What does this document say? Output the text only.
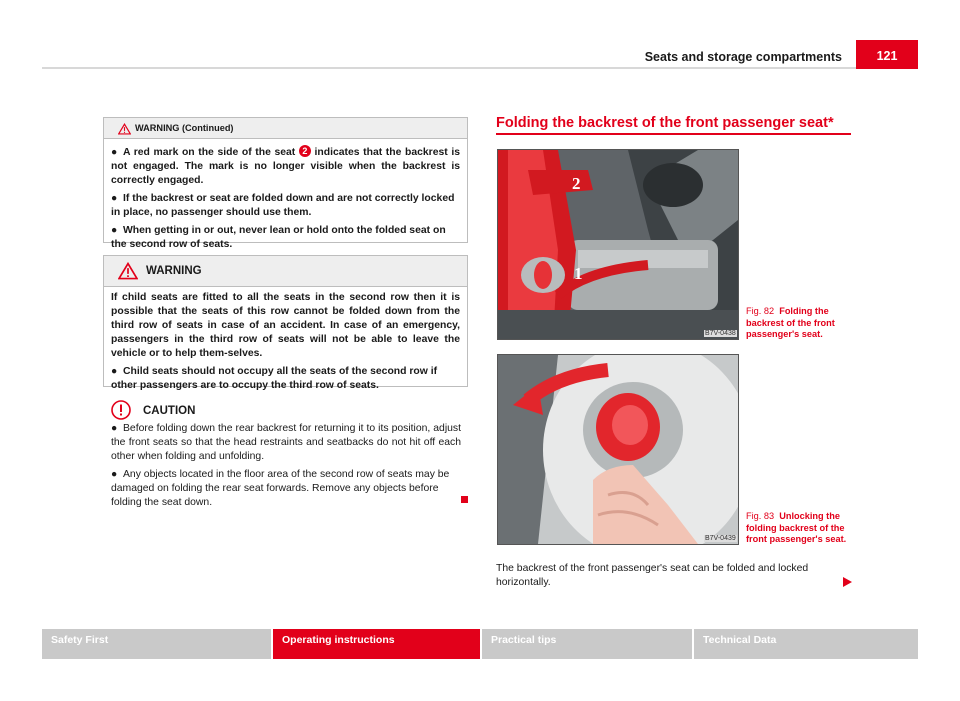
Seats and storage compartments	121
WARNING (Continued)

● A red mark on the side of the seat 2 indicates that the backrest is not engaged. The mark is no longer visible when the backrest is correctly engaged.

● If the backrest or seat are folded down and are not correctly locked in place, no passenger should use them.

● When getting in or out, never lean or hold onto the folded seat on the second row of seats.

WARNING

If child seats are fitted to all the seats in the second row then it is possible that the seats of this row cannot be folded down from the third row of seats in case of an accident. In case of an emergency, passengers in the third row of seats will not be able to leave the vehicle or to help them-selves.

● Child seats should not occupy all the seats of the second row if other passengers are to occupy the third row of seats.

CAUTION

● Before folding down the rear backrest for returning it to its position, adjust the front seats so that the head restraints and seatbacks do not hit off each other when folding and unfolding.

● Any objects located in the floor area of the second row of seats may be damaged on folding the rear seat forwards. Remove any objects before folding the seat down.

Folding the backrest of the front passenger seat*
2
1
B7V-0438
Fig. 82 Folding the backrest of the front passenger's seat.
B7V-0439
Fig. 83 Unlocking the folding backrest of the front passenger's seat.

The backrest of the front passenger's seat can be folded and locked horizontally.

Safety First	Operating instructions	Practical tips	Technical Data
